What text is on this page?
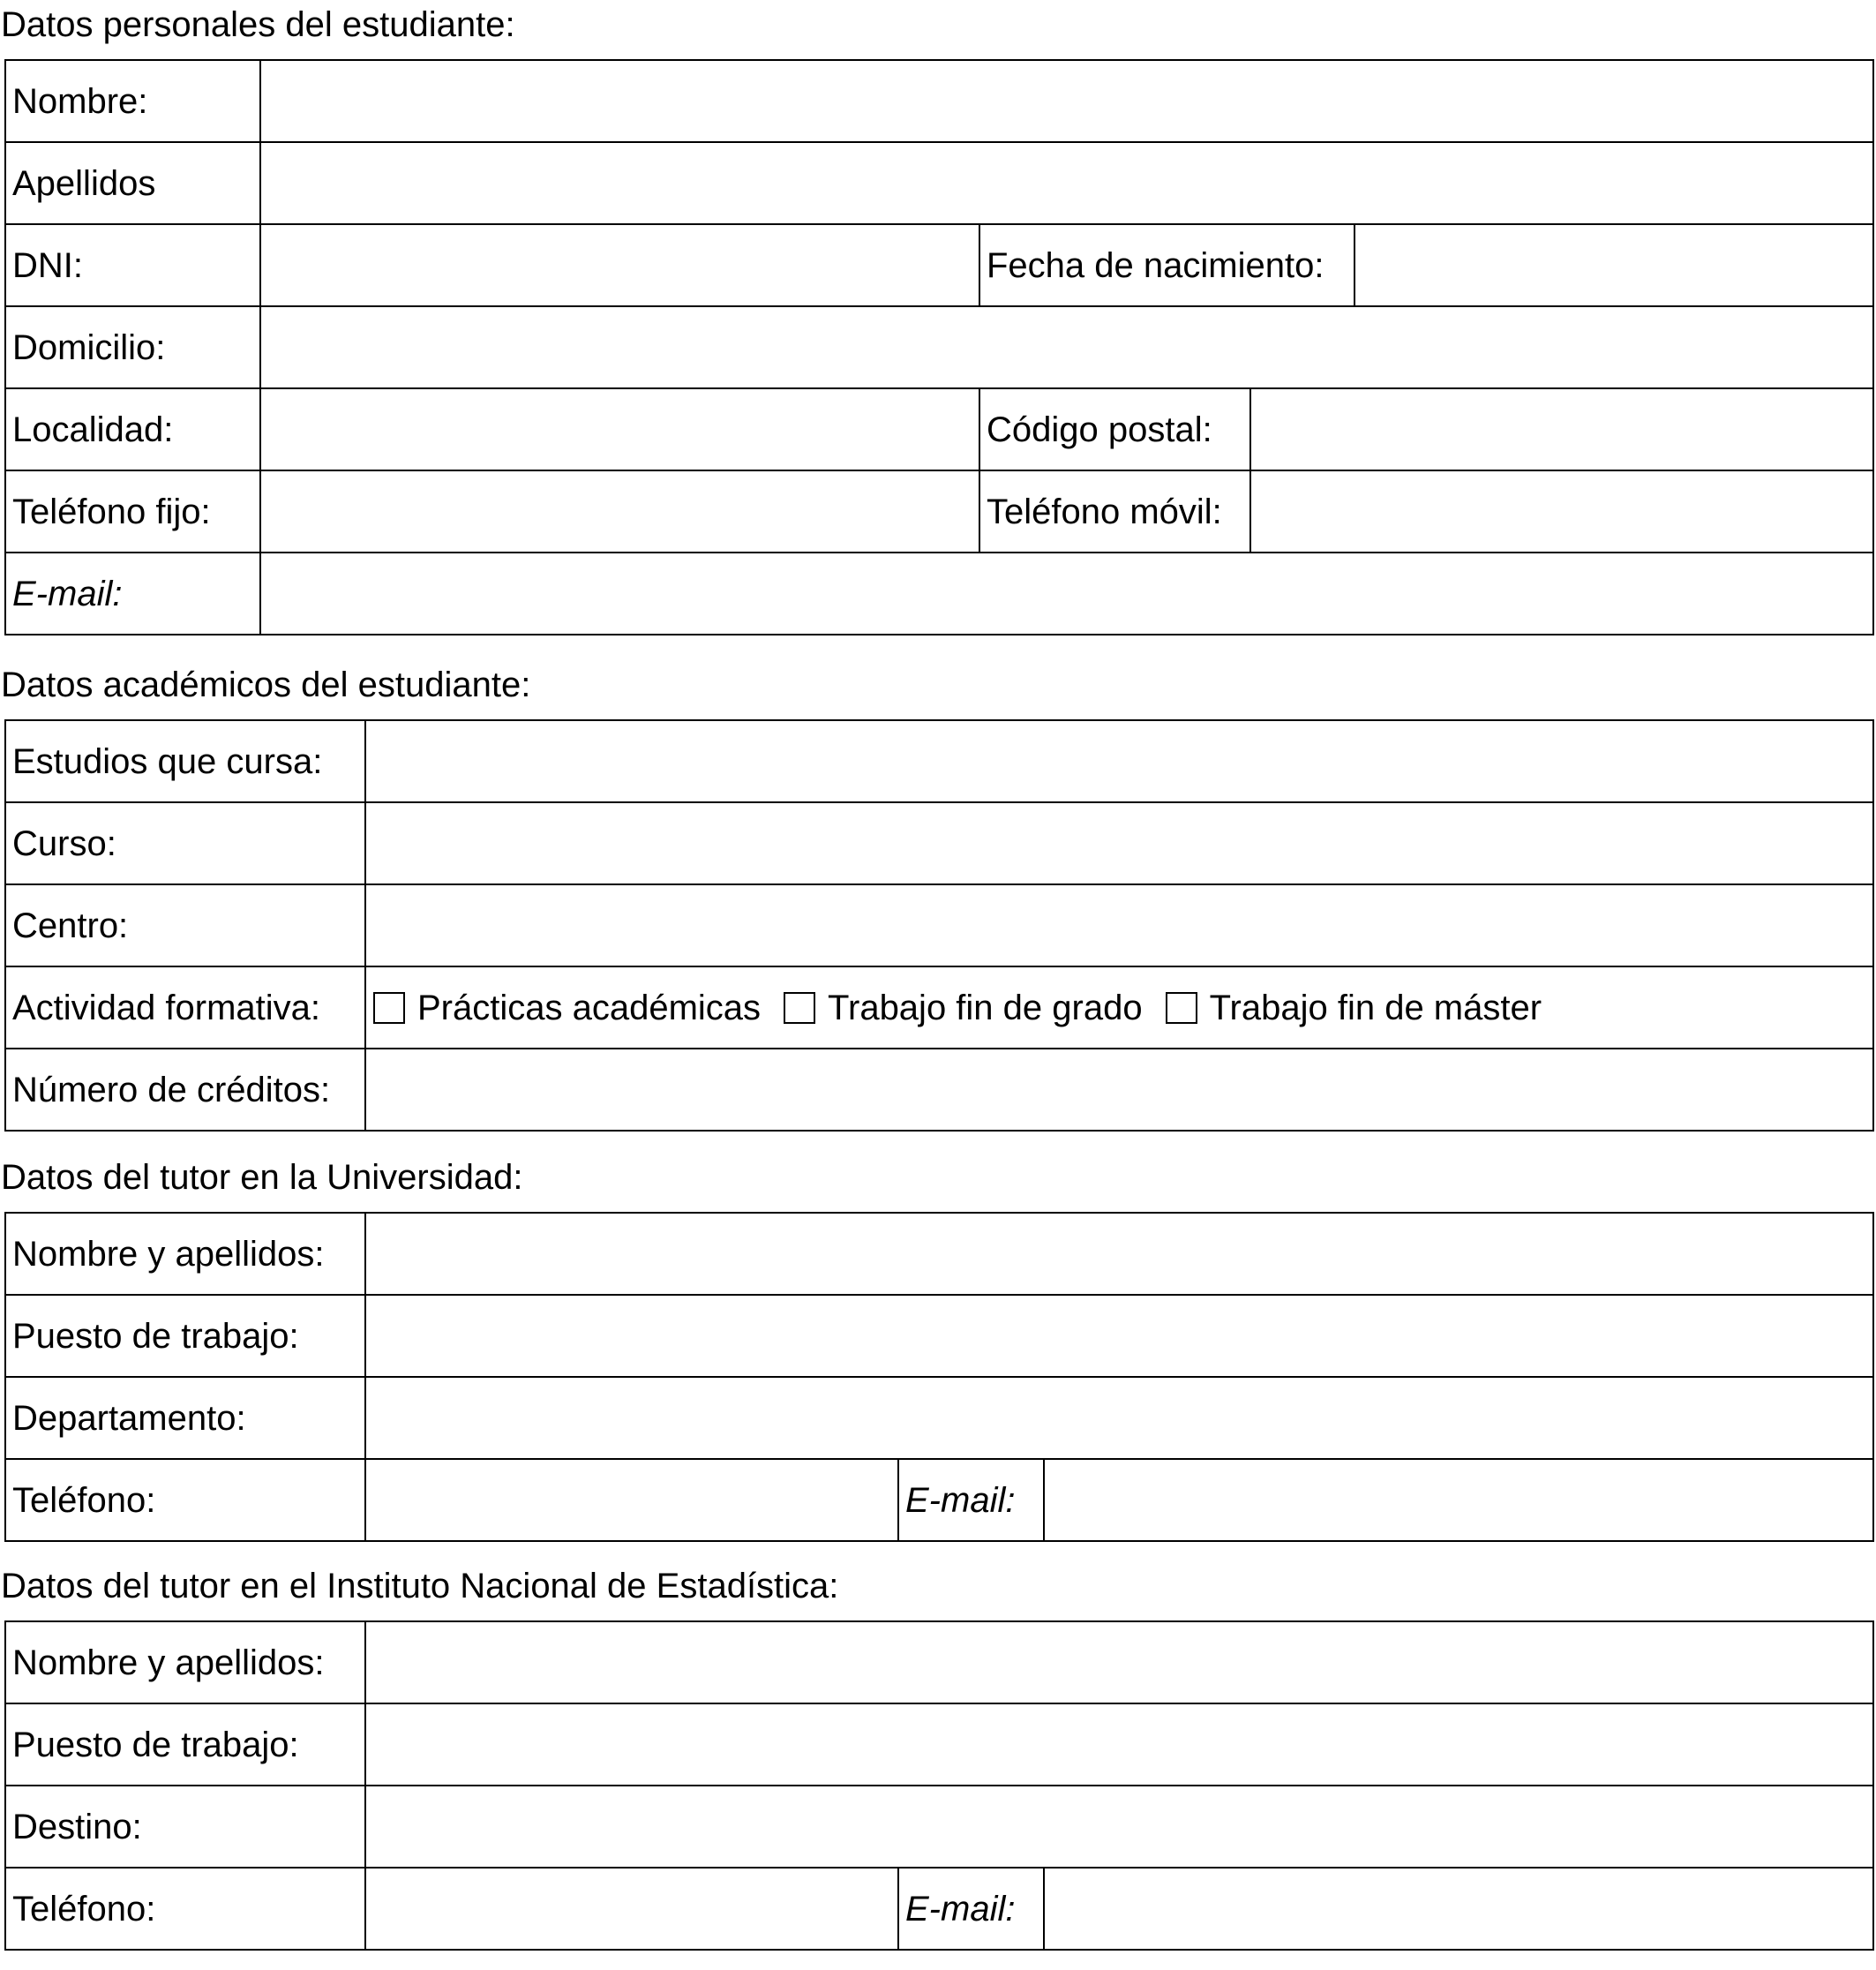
Datos personales del estudiante:
Nombre:				
Apellidos				
DNI:		Fecha de nacimiento:		
Domicilio:				
Localidad:		Código postal:		
Teléfono fijo:		Teléfono móvil:		
E-mail:				
Datos académicos del estudiante:
Estudios que cursa:	
Curso:	
Centro:	
Actividad formativa:	Prácticas académicas Trabajo fin de grado Trabajo fin de máster

Número de créditos:	
Datos del tutor en la Universidad:
Nombre y apellidos:			
Puesto de trabajo:			
Departamento:			
Teléfono:		E-mail:	
Datos del tutor en el Instituto Nacional de Estadística:
Nombre y apellidos:			
Puesto de trabajo:			
Destino:			
Teléfono:		E-mail:	
